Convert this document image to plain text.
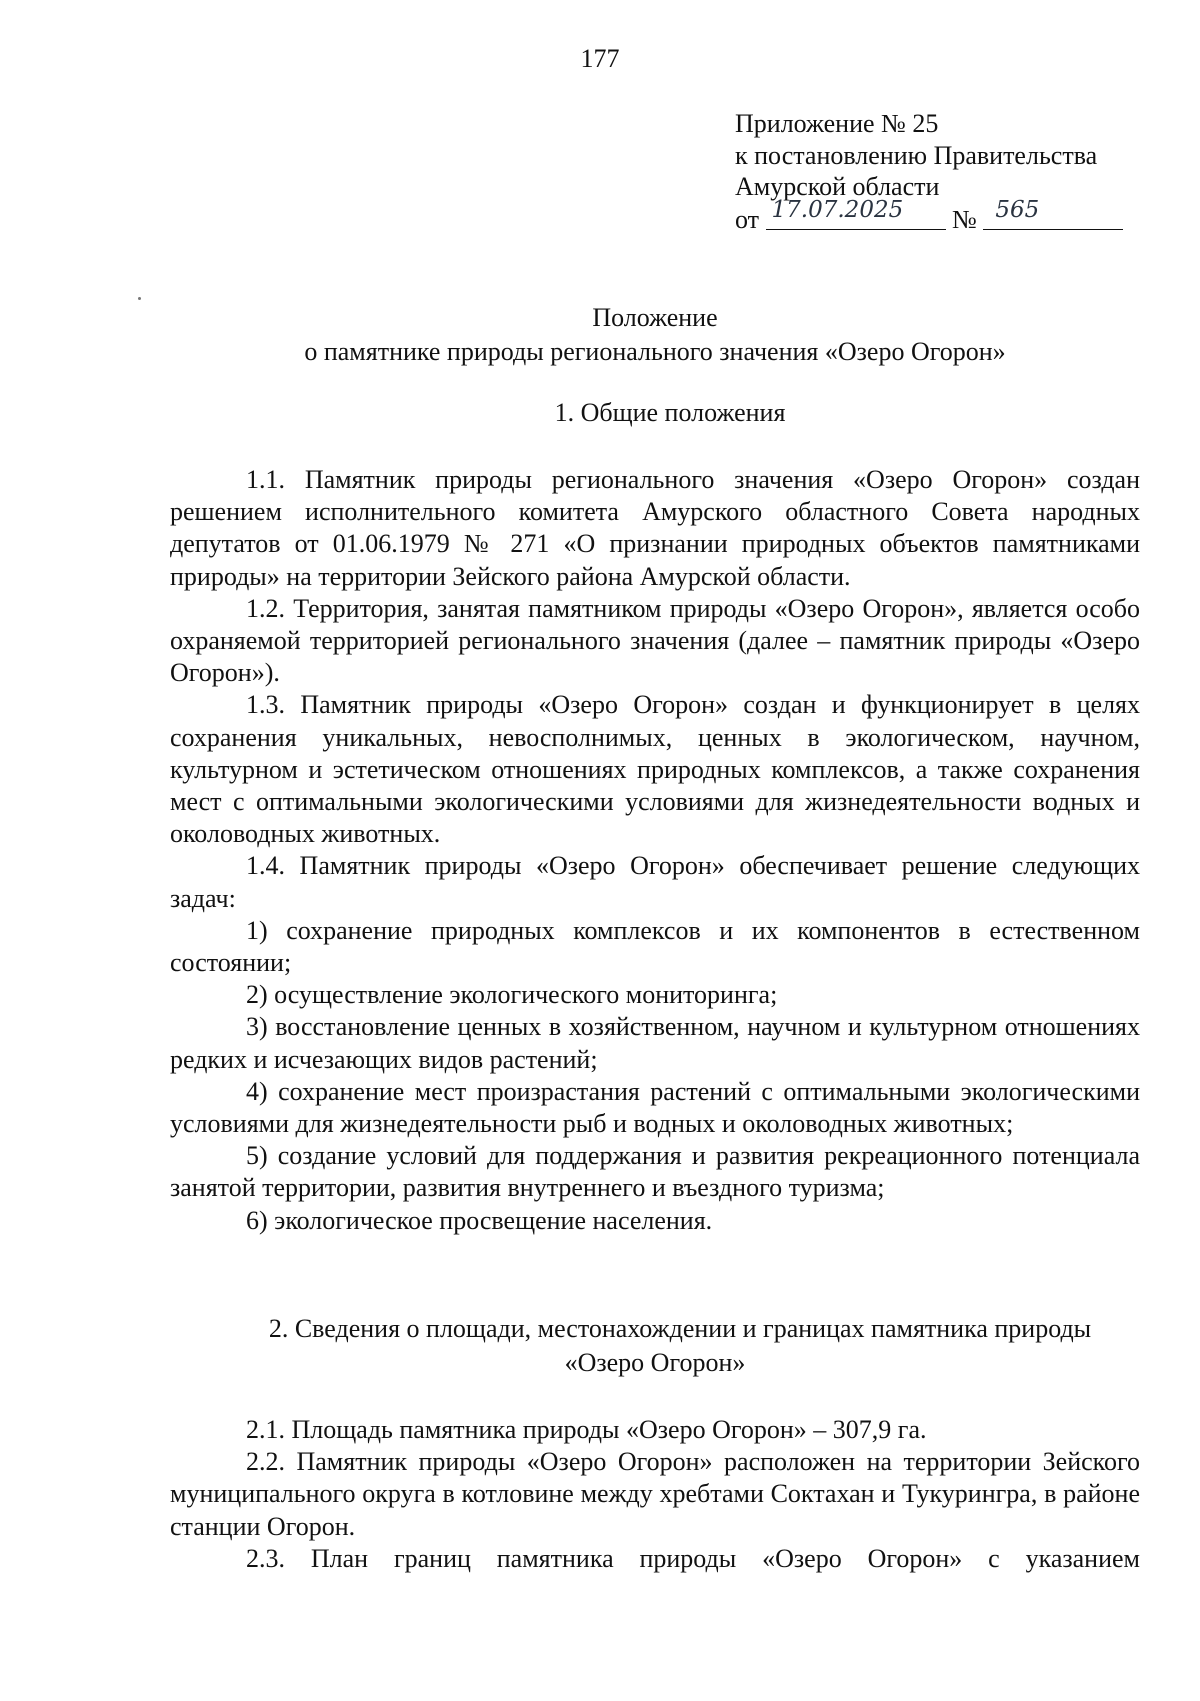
177
Приложение № 25
к постановлению Правительства
Амурской области
от 17.07.2025 № 565
Положение
о памятнике природы регионального значения «Озеро Огорон»
1. Общие положения

1.1. Памятник природы регионального значения «Озеро Огорон» создан решением исполнительного комитета Амурского областного Совета народных депутатов от 01.06.1979 № 271 «О признании природных объектов памятниками природы» на территории Зейского района Амурской области.

1.2. Территория, занятая памятником природы «Озеро Огорон», является особо охраняемой территорией регионального значения (далее – памятник природы «Озеро Огорон»).

1.3. Памятник природы «Озеро Огорон» создан и функционирует в целях сохранения уникальных, невосполнимых, ценных в экологическом, научном, культурном и эстетическом отношениях природных комплексов, а также сохранения мест с оптимальными экологическими условиями для жизнедеятельности водных и околоводных животных.

1.4. Памятник природы «Озеро Огорон» обеспечивает решение следующих задач:

1) сохранение природных комплексов и их компонентов в естественном состоянии;

2) осуществление экологического мониторинга;

3) восстановление ценных в хозяйственном, научном и культурном отношениях редких и исчезающих видов растений;

4) сохранение мест произрастания растений с оптимальными экологическими условиями для жизнедеятельности рыб и водных и околоводных животных;

5) создание условий для поддержания и развития рекреационного потенциала занятой территории, развития внутреннего и въездного туризма;

6) экологическое просвещение населения.

2. Сведения о площади, местонахождении и границах памятника природы
«Озеро Огорон»

2.1. Площадь памятника природы «Озеро Огорон» – 307,9 га.

2.2. Памятник природы «Озеро Огорон» расположен на территории Зейского муниципального округа в котловине между хребтами Соктахан и Тукурингра, в районе станции Огорон.

2.3. План границ памятника природы «Озеро Огорон» с указанием
